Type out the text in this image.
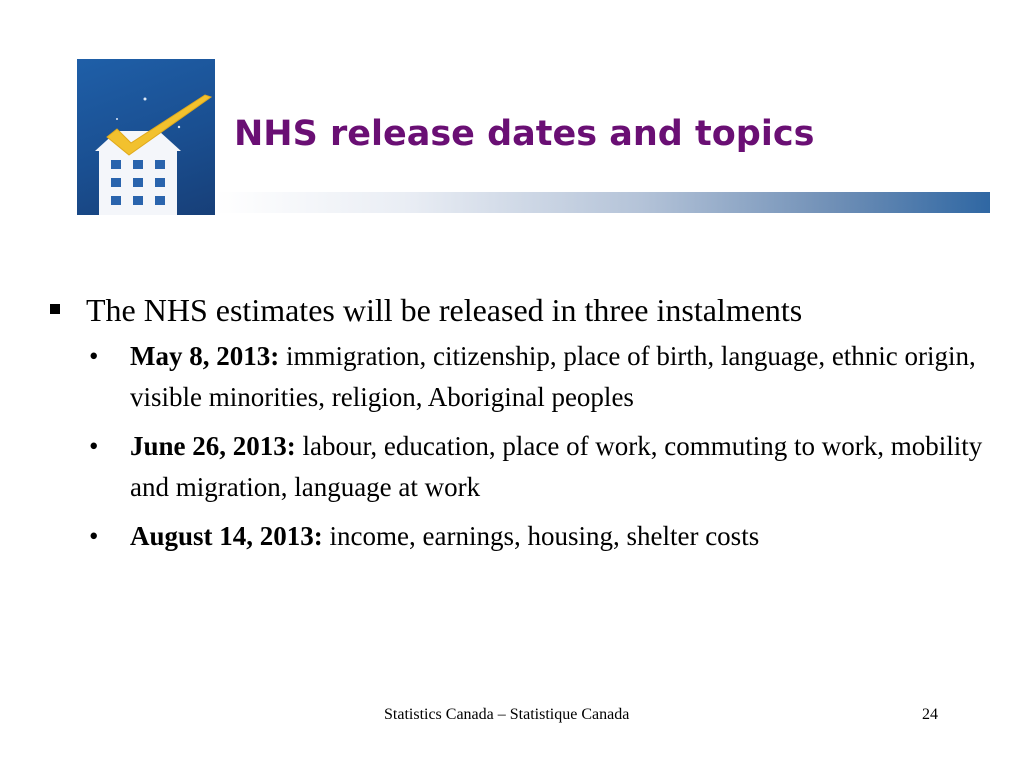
NHS release dates and topics
The NHS estimates will be released in three instalments
• May 8, 2013: immigration, citizenship, place of birth, language, ethnic origin, visible minorities, religion, Aboriginal peoples
• June 26, 2013: labour, education, place of work, commuting to work, mobility and migration, language at work
• August 14, 2013: income, earnings, housing, shelter costs
Statistics Canada – Statistique Canada	24
